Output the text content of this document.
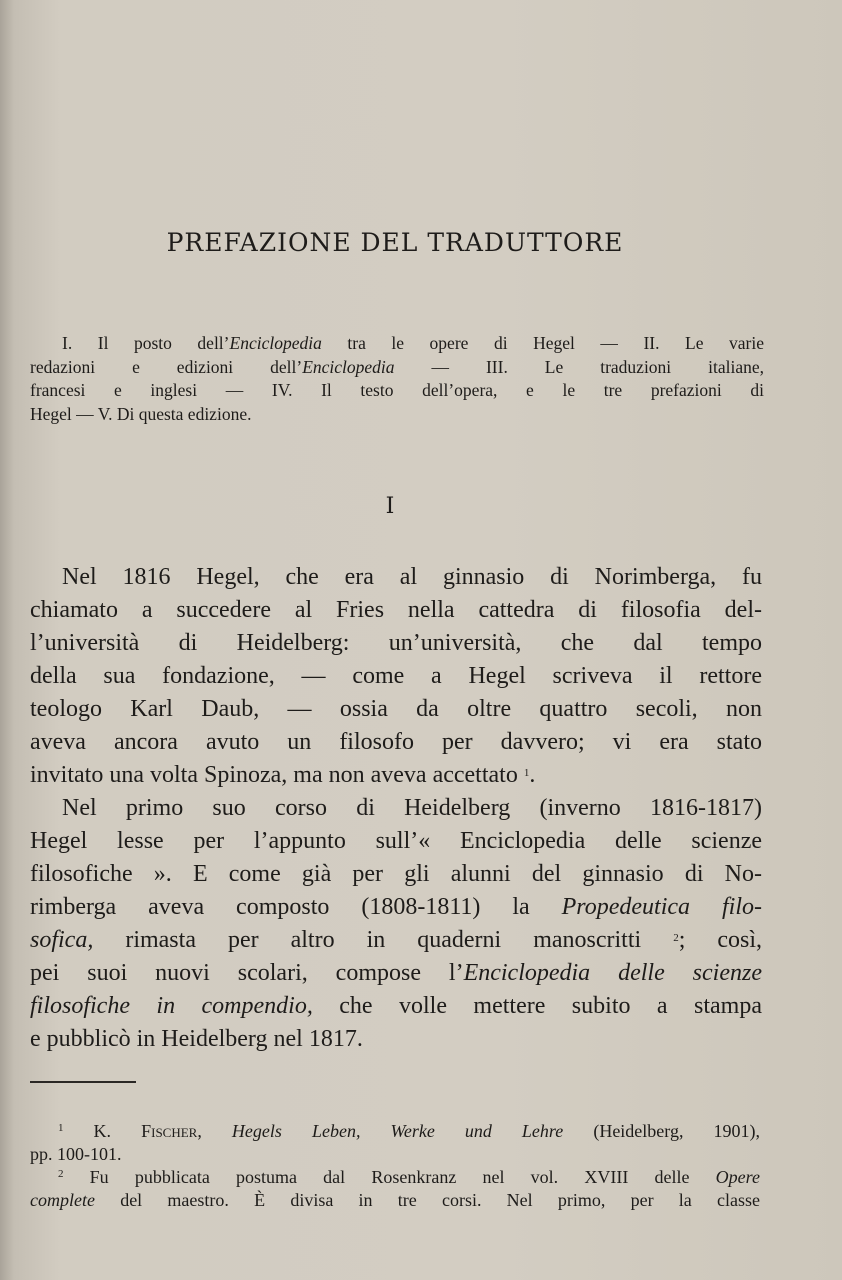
PREFAZIONE DEL TRADUTTORE
I. Il posto dell’Enciclopedia tra le opere di Hegel — II. Le varie
redazioni e edizioni dell’Enciclopedia — III. Le traduzioni italiane,
francesi e inglesi — IV. Il testo dell’opera, e le tre prefazioni di
Hegel — V. Di questa edizione.
I
Nel 1816 Hegel, che era al ginnasio di Norimberga, fu
chiamato a succedere al Fries nella cattedra di filosofia del-
l’università di Heidelberg: un’università, che dal tempo
della sua fondazione, — come a Hegel scriveva il rettore
teologo Karl Daub, — ossia da oltre quattro secoli, non
aveva ancora avuto un filosofo per davvero; vi era stato
invitato una volta Spinoza, ma non aveva accettato $^1$.
Nel primo suo corso di Heidelberg (inverno 1816-1817)
Hegel lesse per l’appunto sull’« Enciclopedia delle scienze
filosofiche ». E come già per gli alunni del ginnasio di No-
rimberga aveva composto (1808-1811) la Propedeutica filo-
sofica, rimasta per altro in quaderni manoscritti $^2$; così,
pei suoi nuovi scolari, compose l’Enciclopedia delle scienze
filosofiche in compendio, che volle mettere subito a stampa
e pubblicò in Heidelberg nel 1817.
$^1$ K. Fischer, Hegels Leben, Werke und Lehre (Heidelberg, 1901),
pp. 100-101.
$^2$ Fu pubblicata postuma dal Rosenkranz nel vol. XVIII delle Opere
complete del maestro. È divisa in tre corsi. Nel primo, per la classe
